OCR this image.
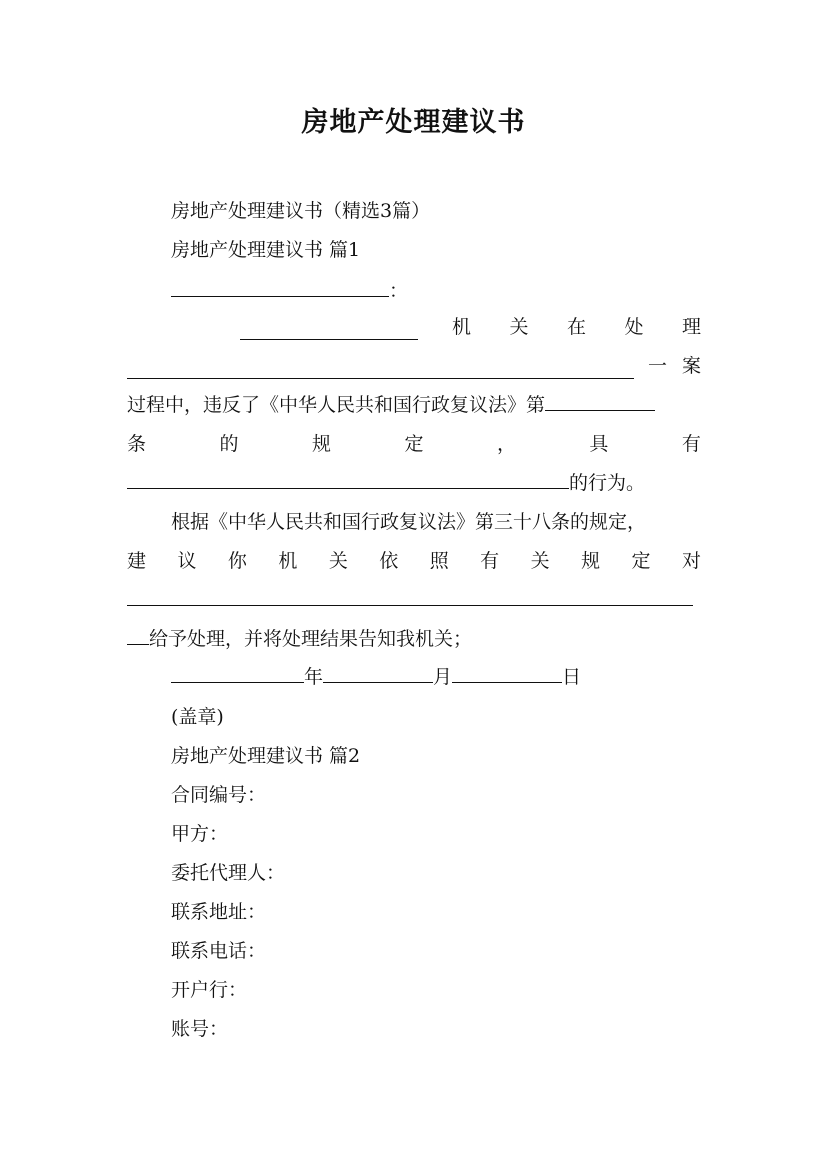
房地产处理建议书
房地产处理建议书（精选3篇）
房地产处理建议书 篇1
：
机 关 在 处 理
一 案
过程中，违反了《中华人民共和国行政复议法》第
条	的	规	定	，	具	有
的行为。
根据《中华人民共和国行政复议法》第三十八条的规定，
建 议 你 机 关 依 照 有 关 规 定 对
给予处理，并将处理结果告知我机关；
年	月	日
(盖章)
房地产处理建议书 篇2
合同编号：
甲方：
委托代理人：
联系地址：
联系电话：
开户行：
账号：
